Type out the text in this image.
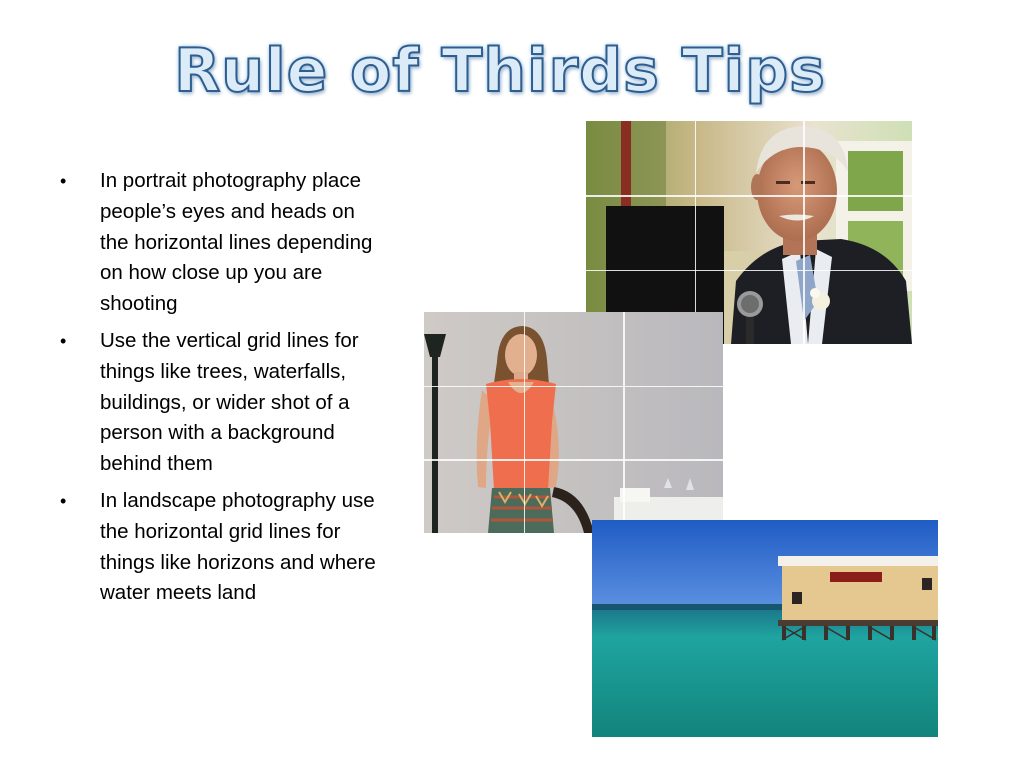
Rule of Thirds Tips
• In portrait photography place people’s eyes and heads on the horizontal lines depending on how close up you are shooting
• Use the vertical grid lines for things like trees, waterfalls, buildings, or wider shot of a person with a background behind them
• In landscape photography use the horizontal grid lines for things like horizons and where water meets land
